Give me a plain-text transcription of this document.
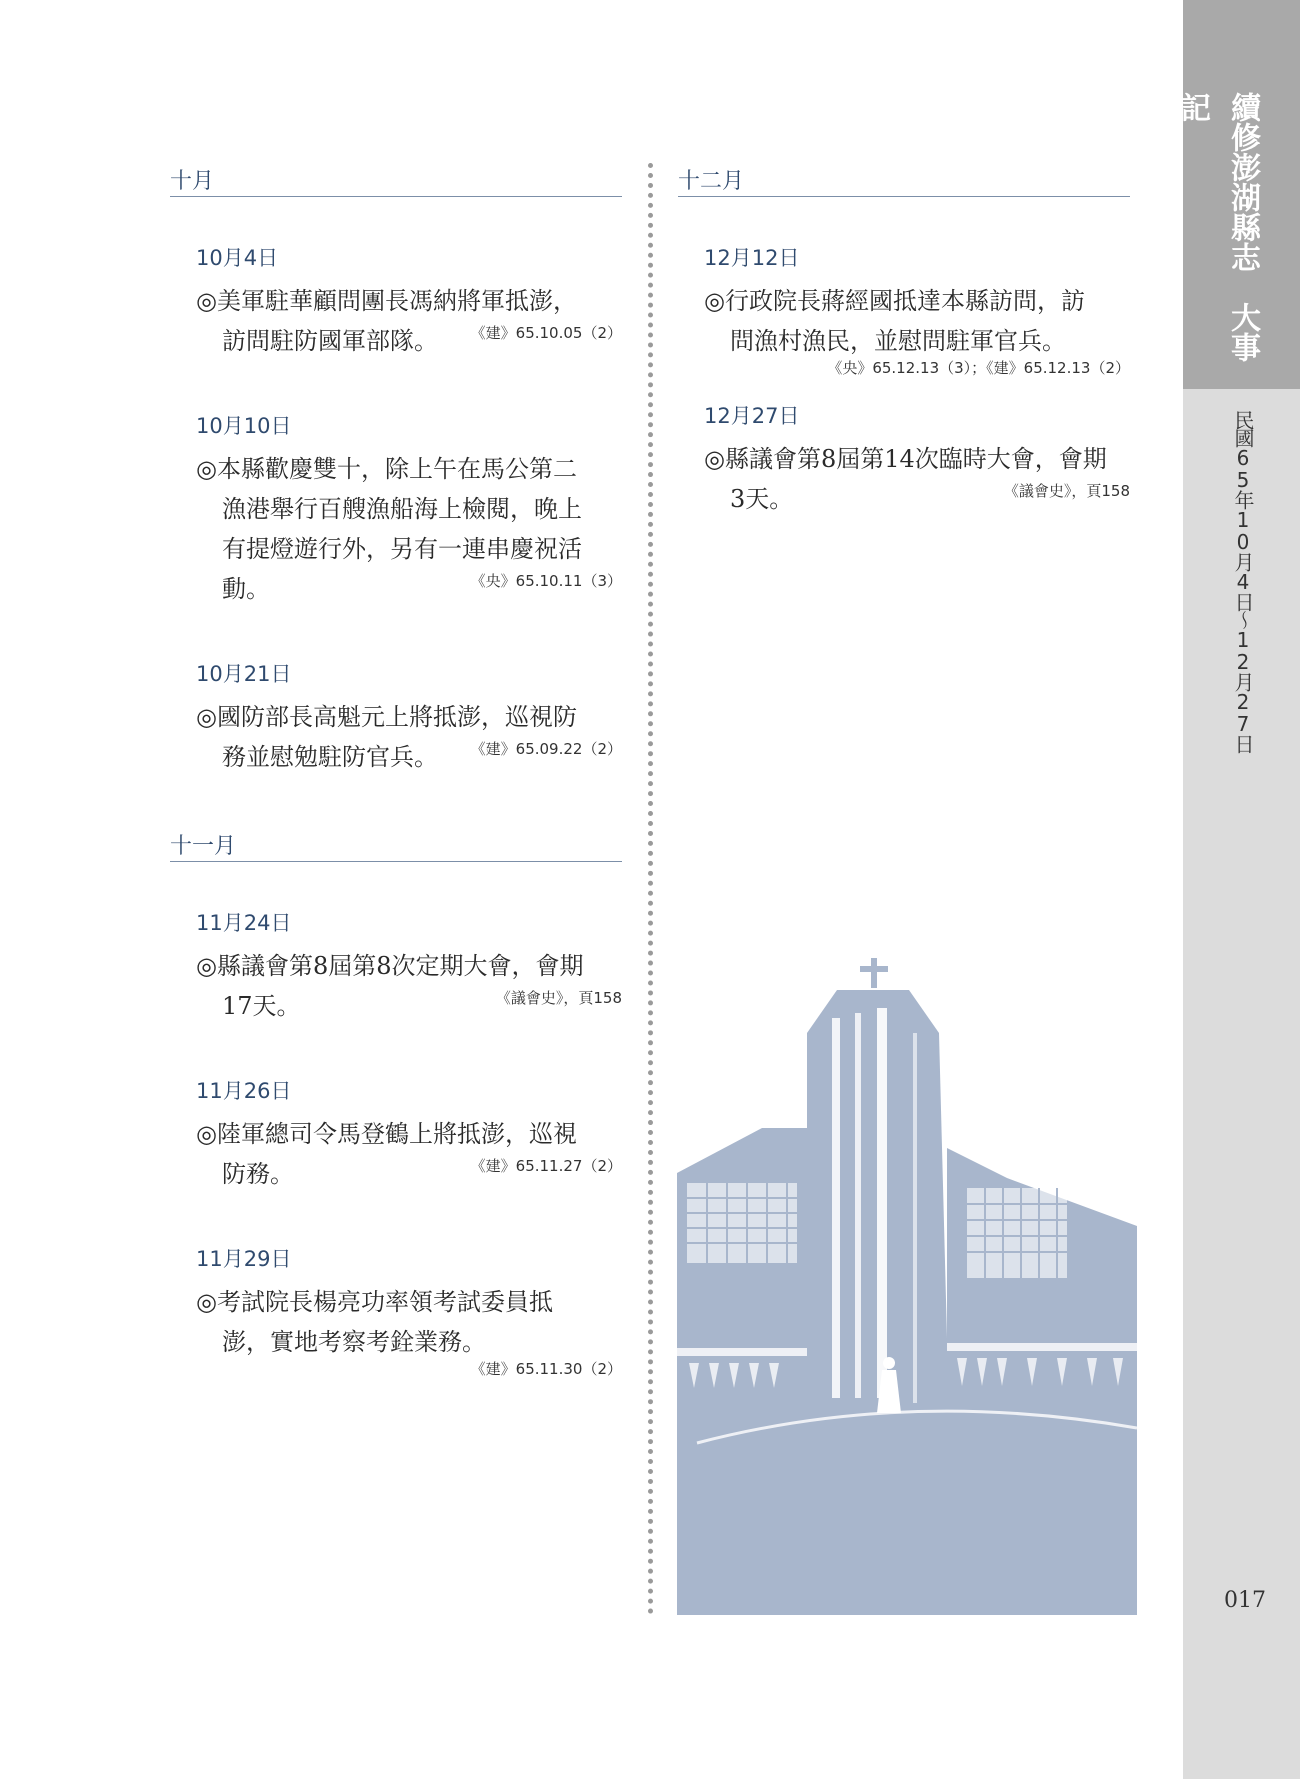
續修澎湖縣志　大事記
民國65年10月4日～12月27日
017
十月
10月4日
◎美軍駐華顧問團長馮納將軍抵澎，
訪問駐防國軍部隊。	《建》65.10.05（2）
10月10日
◎本縣歡慶雙十，除上午在馬公第二
漁港舉行百艘漁船海上檢閱，晚上
有提燈遊行外，另有一連串慶祝活
動。	《央》65.10.11（3）
10月21日
◎國防部長高魁元上將抵澎，巡視防
務並慰勉駐防官兵。	《建》65.09.22（2）
十一月
11月24日
◎縣議會第8屆第8次定期大會，會期
17天。	《議會史》，頁158
11月26日
◎陸軍總司令馬登鶴上將抵澎，巡視
防務。	《建》65.11.27（2）
11月29日
◎考試院長楊亮功率領考試委員抵
澎，實地考察考銓業務。
《建》65.11.30（2）
十二月
12月12日
◎行政院長蔣經國抵達本縣訪問，訪
問漁村漁民，並慰問駐軍官兵。
《央》65.12.13（3）；《建》65.12.13（2）
12月27日
◎縣議會第8屆第14次臨時大會，會期
3天。	《議會史》，頁158
